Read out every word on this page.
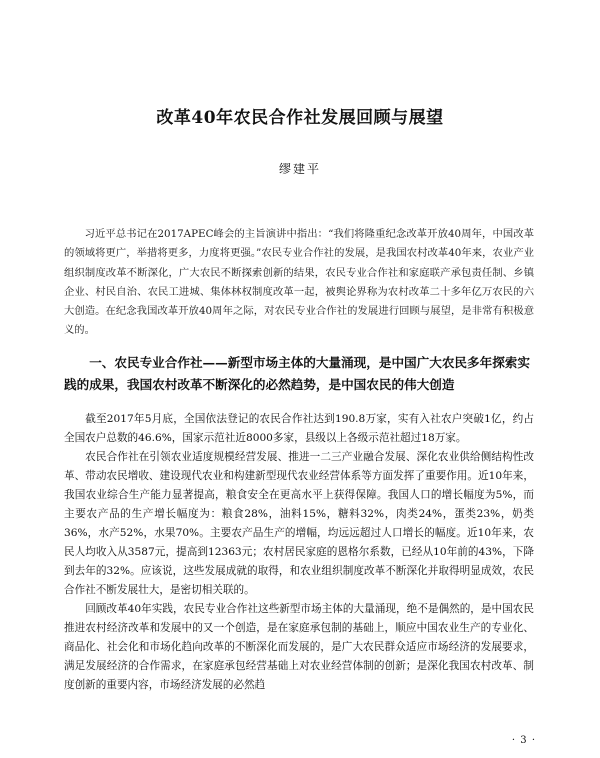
改革40年农民合作社发展回顾与展望
缪建平

习近平总书记在2017APEC峰会的主旨演讲中指出：“我们将隆重纪念改革开放40周年，中国改革的领域将更广，举措将更多，力度将更强。”农民专业合作社的发展，是我国农村改革40年来，农业产业组织制度改革不断深化，广大农民不断探索创新的结果，农民专业合作社和家庭联产承包责任制、乡镇企业、村民自治、农民工进城、集体林权制度改革一起，被舆论界称为农村改革二十多年亿万农民的六大创造。在纪念我国改革开放40周年之际，对农民专业合作社的发展进行回顾与展望，是非常有积极意义的。

一、农民专业合作社——新型市场主体的大量涌现，是中国广大农民多年探索实践的成果，我国农村改革不断深化的必然趋势，是中国农民的伟大创造

截至2017年5月底，全国依法登记的农民合作社达到190.8万家，实有入社农户突破1亿，约占全国农户总数的46.6%，国家示范社近8000多家，县级以上各级示范社超过18万家。

农民合作社在引领农业适度规模经营发展、推进一二三产业融合发展、深化农业供给侧结构性改革、带动农民增收、建设现代农业和构建新型现代农业经营体系等方面发挥了重要作用。近10年来，我国农业综合生产能力显著提高，粮食安全在更高水平上获得保障。我国人口的增长幅度为5%，而主要农产品的生产增长幅度为：粮食28%，油料15%，糖料32%，肉类24%，蛋类23%，奶类36%，水产52%，水果70%。主要农产品生产的增幅，均远远超过人口增长的幅度。近10年来，农民人均收入从3587元，提高到12363元；农村居民家庭的恩格尔系数，已经从10年前的43%，下降到去年的32%。应该说，这些发展成就的取得，和农业组织制度改革不断深化并取得明显成效，农民合作社不断发展壮大，是密切相关联的。

回顾改革40年实践，农民专业合作社这些新型市场主体的大量涌现，绝不是偶然的，是中国农民推进农村经济改革和发展中的又一个创造，是在家庭承包制的基础上，顺应中国农业生产的专业化、商品化、社会化和市场化趋向改革的不断深化而发展的，是广大农民群众适应市场经济的发展要求，满足发展经济的合作需求，在家庭承包经营基础上对农业经营体制的创新；是深化我国农村改革、制度创新的重要内容，市场经济发展的必然趋

· 3 ·
